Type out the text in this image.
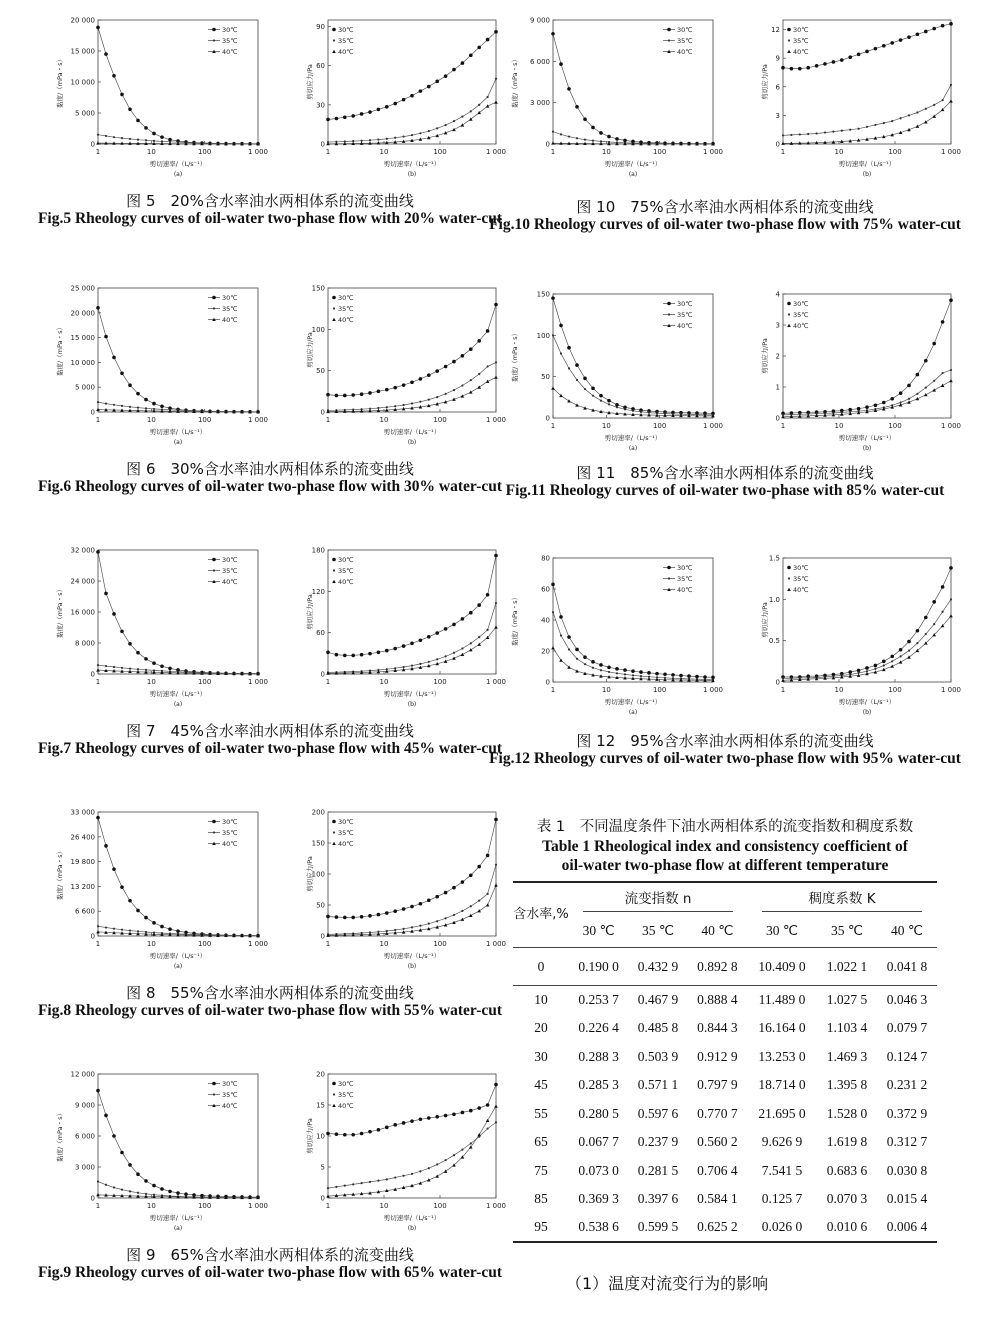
0
5 000
10 000
15 000
20 000
1	10	100	1 000
剪切速率/（L/s⁻¹）
(a)
黏度/（mPa・s）
30℃
35℃
40℃
0
30
60
90
1	10	100	1 000
剪切速率/（L/s⁻¹）
(b)
剪切应力/Pa
30℃
35℃
40℃
图 5　20%含水率油水两相体系的流变曲线
Fig.5 Rheology curves of oil-water two-phase flow with 20% water-cut
0
5 000
10 000
15 000
20 000
25 000
1	10	100	1 000
剪切速率/（L/s⁻¹）
(a)
黏度/（mPa・s）
30℃
35℃
40℃
0
50
100
150
1	10	100	1 000
剪切速率/（L/s⁻¹）
(b)
剪切应力/Pa
30℃
35℃
40℃
图 6　30%含水率油水两相体系的流变曲线
Fig.6 Rheology curves of oil-water two-phase flow with 30% water-cut
0
8 000
16 000
24 000
32 000
1	10	100	1 000
剪切速率/（L/s⁻¹）
(a)
黏度/（mPa・s）
30℃
35℃
40℃
0
60
120
180
1	10	100	1 000
剪切速率/（L/s⁻¹）
(b)
剪切应力/Pa
30℃
35℃
40℃
图 7　45%含水率油水两相体系的流变曲线
Fig.7 Rheology curves of oil-water two-phase flow with 45% water-cut
0
6 600
13 200
19 800
26 400
33 000
1	10	100	1 000
剪切速率/（L/s⁻¹）
(a)
黏度/（mPa・s）
30℃
35℃
40℃
0
50
100
150
200
1	10	100	1 000
剪切速率/（L/s⁻¹）
(b)
剪切应力/Pa
30℃
35℃
40℃
图 8　55%含水率油水两相体系的流变曲线
Fig.8 Rheology curves of oil-water two-phase flow with 55% water-cut
0
3 000
6 000
9 000
12 000
1	10	100	1 000
剪切速率/（L/s⁻¹）
(a)
黏度/（mPa・s）
30℃
35℃
40℃
0
5
10
15
20
1	10	100	1 000
剪切速率/（L/s⁻¹）
(b)
剪切应力/Pa
30℃
35℃
40℃
图 9　65%含水率油水两相体系的流变曲线
Fig.9 Rheology curves of oil-water two-phase flow with 65% water-cut
0
3 000
6 000
9 000
1	10	100	1 000
剪切速率/（L/s⁻¹）
(a)
黏度/（mPa・s）
30℃
35℃
40℃
0
3
6
9
12
1	10	100	1 000
剪切速率/（L/s⁻¹）
(b)
剪切应力/Pa
30℃
35℃
40℃
图 10　75%含水率油水两相体系的流变曲线
Fig.10 Rheology curves of oil-water two-phase flow with 75% water-cut
0
50
100
150
1	10	100	1 000
剪切速率/（L/s⁻¹）
(a)
黏度/（mPa・s）
30℃
35℃
40℃
0
1
2
3
4
1	10	100	1 000
剪切速率/（L/s⁻¹）
(b)
剪切应力/Pa
30℃
35℃
40℃
图 11　85%含水率油水两相体系的流变曲线
Fig.11 Rheology curves of oil-water two-phase with 85% water-cut
0
20
40
60
80
1	10	100	1 000
剪切速率/（L/s⁻¹）
(a)
黏度/（mPa・s）
30℃
35℃
40℃
0
0.5
1.0
1.5
1	10	100	1 000
剪切速率/（L/s⁻¹）
(b)
剪切应力/Pa
30℃
35℃
40℃
图 12　95%含水率油水两相体系的流变曲线
Fig.12 Rheology curves of oil-water two-phase flow with 95% water-cut
表 1　不同温度条件下油水两相体系的流变指数和稠度系数
Table 1 Rheological index and consistency coefficient of
oil-water two-phase flow at different temperature
含水率,%	流变指数 n			稠度系数 K		
	30 ℃	35 ℃	40 ℃	30 ℃	35 ℃	40 ℃
0	0.190 0	0.432 9	0.892 8	10.409 0	1.022 1	0.041 8
10	0.253 7	0.467 9	0.888 4	11.489 0	1.027 5	0.046 3
20	0.226 4	0.485 8	0.844 3	16.164 0	1.103 4	0.079 7
30	0.288 3	0.503 9	0.912 9	13.253 0	1.469 3	0.124 7
45	0.285 3	0.571 1	0.797 9	18.714 0	1.395 8	0.231 2
55	0.280 5	0.597 6	0.770 7	21.695 0	1.528 0	0.372 9
65	0.067 7	0.237 9	0.560 2	9.626 9	1.619 8	0.312 7
75	0.073 0	0.281 5	0.706 4	7.541 5	0.683 6	0.030 8
85	0.369 3	0.397 6	0.584 1	0.125 7	0.070 3	0.015 4
95	0.538 6	0.599 5	0.625 2	0.026 0	0.010 6	0.006 4
（1）温度对流变行为的影响
